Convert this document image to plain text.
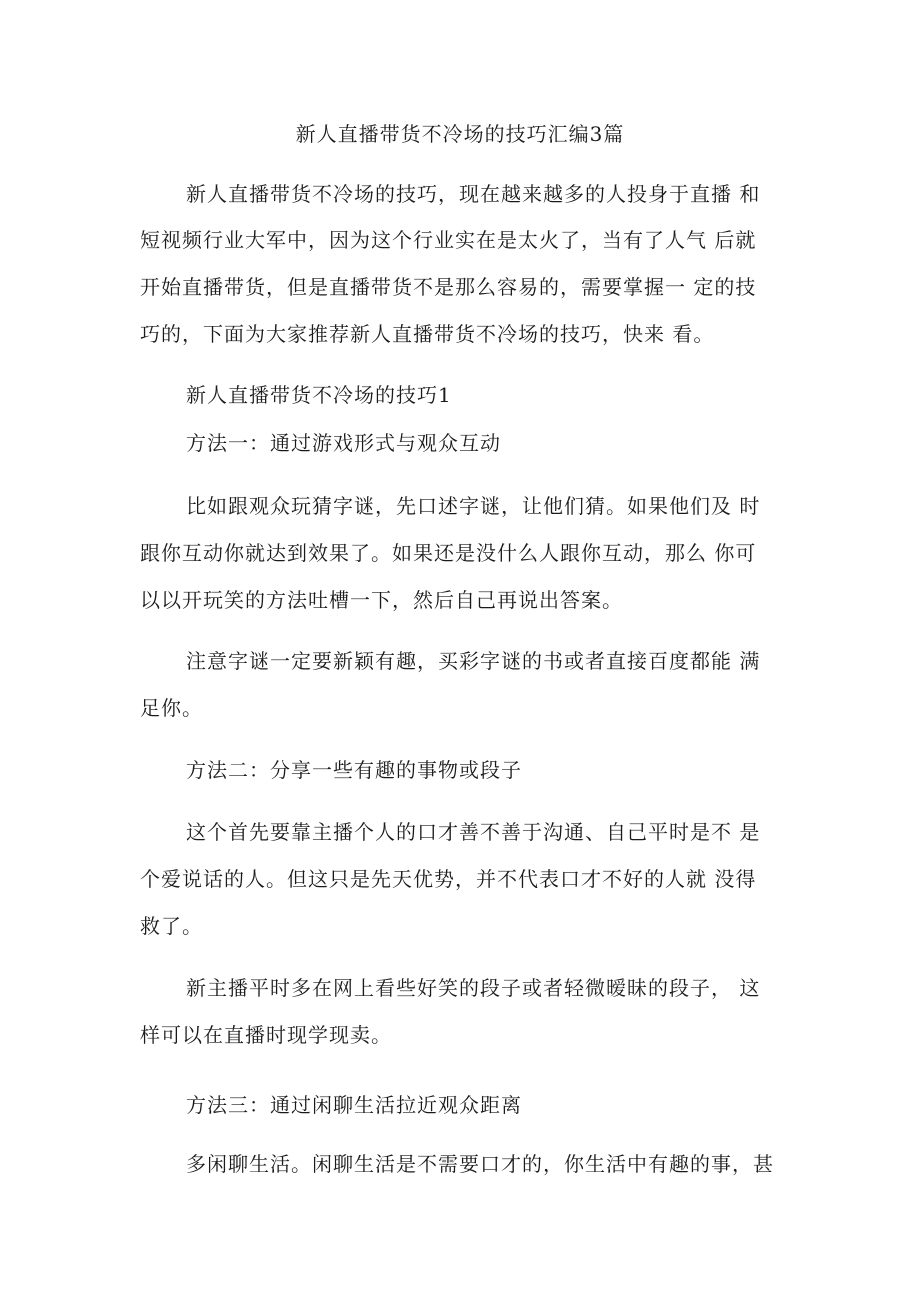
新人直播带货不冷场的技巧汇编3篇
新人直播带货不冷场的技巧，现在越来越多的人投身于直播 和
短视频行业大军中，因为这个行业实在是太火了，当有了人气 后就
开始直播带货，但是直播带货不是那么容易的，需要掌握一 定的技
巧的，下面为大家推荐新人直播带货不冷场的技巧，快来 看。
新人直播带货不冷场的技巧1
方法一：通过游戏形式与观众互动
比如跟观众玩猜字谜，先口述字谜，让他们猜。如果他们及 时
跟你互动你就达到效果了。如果还是没什么人跟你互动，那么 你可
以以开玩笑的方法吐槽一下，然后自己再说出答案。
注意字谜一定要新颖有趣，买彩字谜的书或者直接百度都能 满
足你。
方法二：分享一些有趣的事物或段子
这个首先要靠主播个人的口才善不善于沟通、自己平时是不 是
个爱说话的人。但这只是先天优势，并不代表口才不好的人就 没得
救了。
新主播平时多在网上看些好笑的段子或者轻微暧昧的段子， 这
样可以在直播时现学现卖。
方法三：通过闲聊生活拉近观众距离
多闲聊生活。闲聊生活是不需要口才的，你生活中有趣的事，甚
